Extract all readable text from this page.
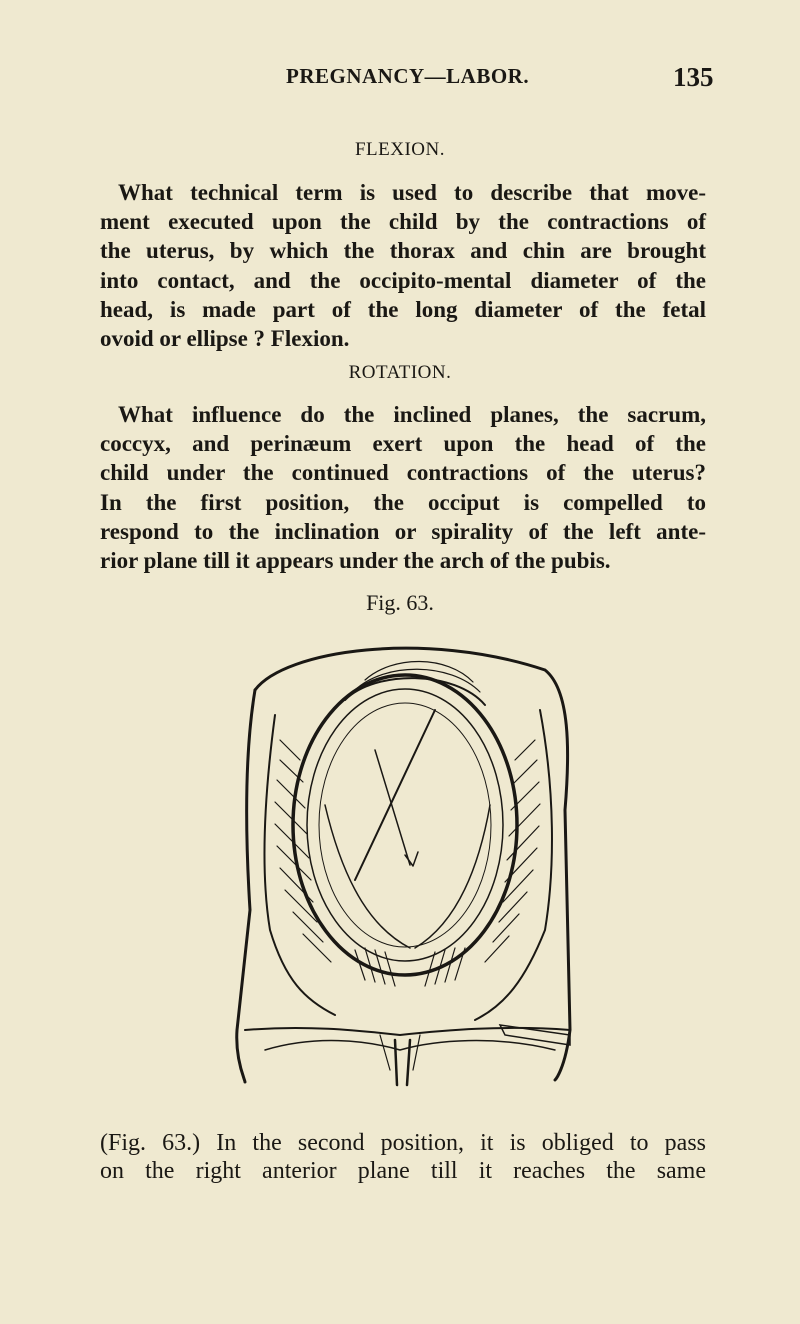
PREGNANCY—LABOR.	135
FLEXION.
What technical term is used to describe that move-
ment executed upon the child by the contractions of
the uterus, by which the thorax and chin are brought
into contact, and the occipito-mental diameter of the
head, is made part of the long diameter of the fetal
ovoid or ellipse ? Flexion.
ROTATION.
What influence do the inclined planes, the sacrum,
coccyx, and perinæum exert upon the head of the
child under the continued contractions of the uterus?
In the first position, the occiput is compelled to
respond to the inclination or spirality of the left ante-
rior plane till it appears under the arch of the pubis.
Fig. 63.
(Fig. 63.) In the second position, it is obliged to pass
on the right anterior plane till it reaches the same
